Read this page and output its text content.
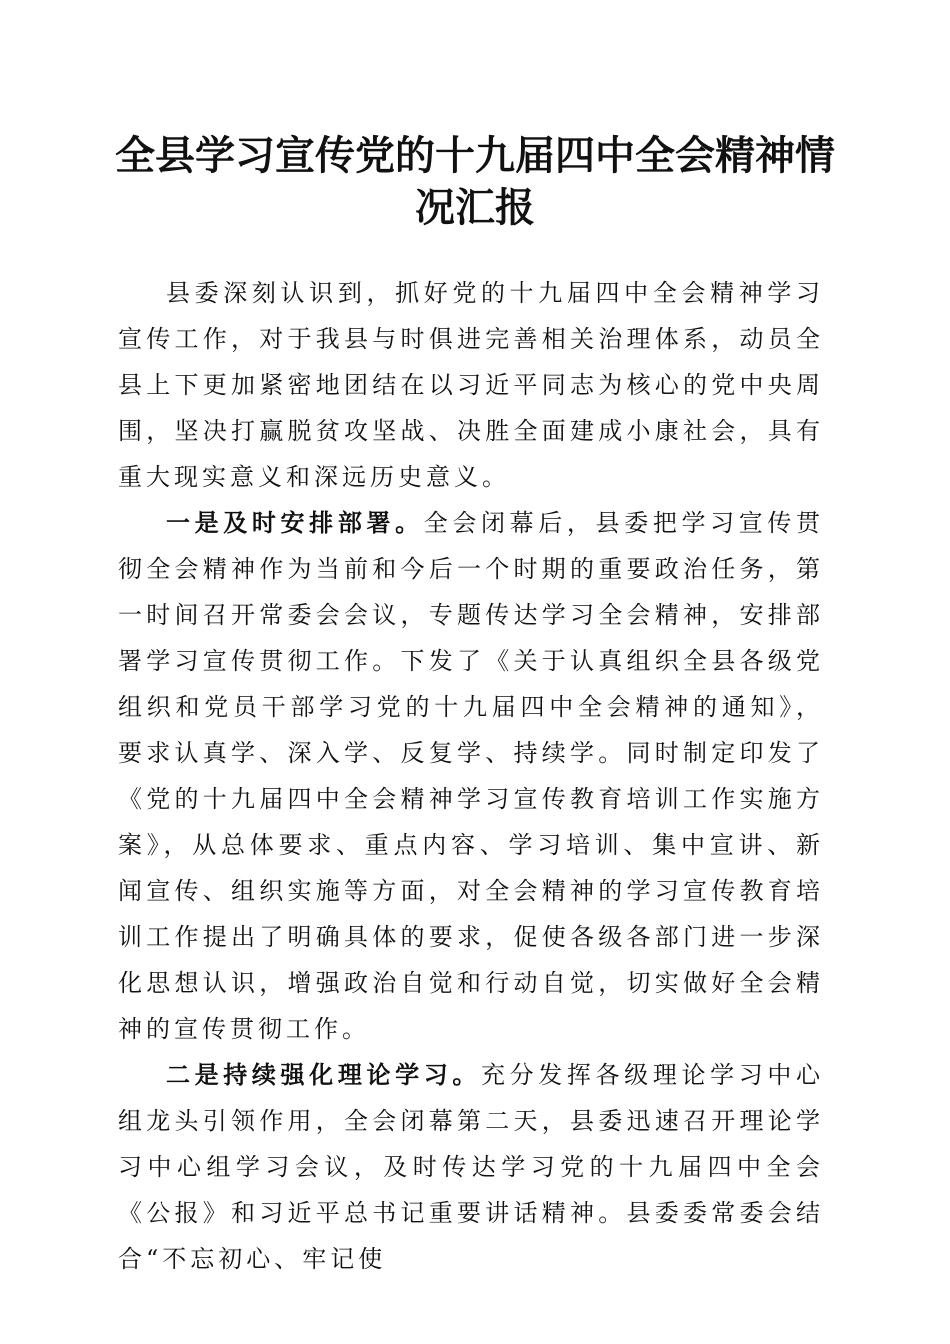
全县学习宣传党的十九届四中全会精神情况汇报

县委深刻认识到，抓好党的十九届四中全会精神学习宣传工作，对于我县与时俱进完善相关治理体系，动员全县上下更加紧密地团结在以习近平同志为核心的党中央周围，坚决打赢脱贫攻坚战、决胜全面建成小康社会，具有重大现实意义和深远历史意义。

一是及时安排部署。全会闭幕后，县委把学习宣传贯彻全会精神作为当前和今后一个时期的重要政治任务，第一时间召开常委会会议，专题传达学习全会精神，安排部署学习宣传贯彻工作。下发了《关于认真组织全县各级党组织和党员干部学习党的十九届四中全会精神的通知》，要求认真学、深入学、反复学、持续学。同时制定印发了《党的十九届四中全会精神学习宣传教育培训工作实施方案》，从总体要求、重点内容、学习培训、集中宣讲、新闻宣传、组织实施等方面，对全会精神的学习宣传教育培训工作提出了明确具体的要求，促使各级各部门进一步深化思想认识，增强政治自觉和行动自觉，切实做好全会精神的宣传贯彻工作。

二是持续强化理论学习。充分发挥各级理论学习中心组龙头引领作用，全会闭幕第二天，县委迅速召开理论学习中心组学习会议，及时传达学习党的十九届四中全会《公报》和习近平总书记重要讲话精神。县委委常委会结合“不忘初心、牢记使
